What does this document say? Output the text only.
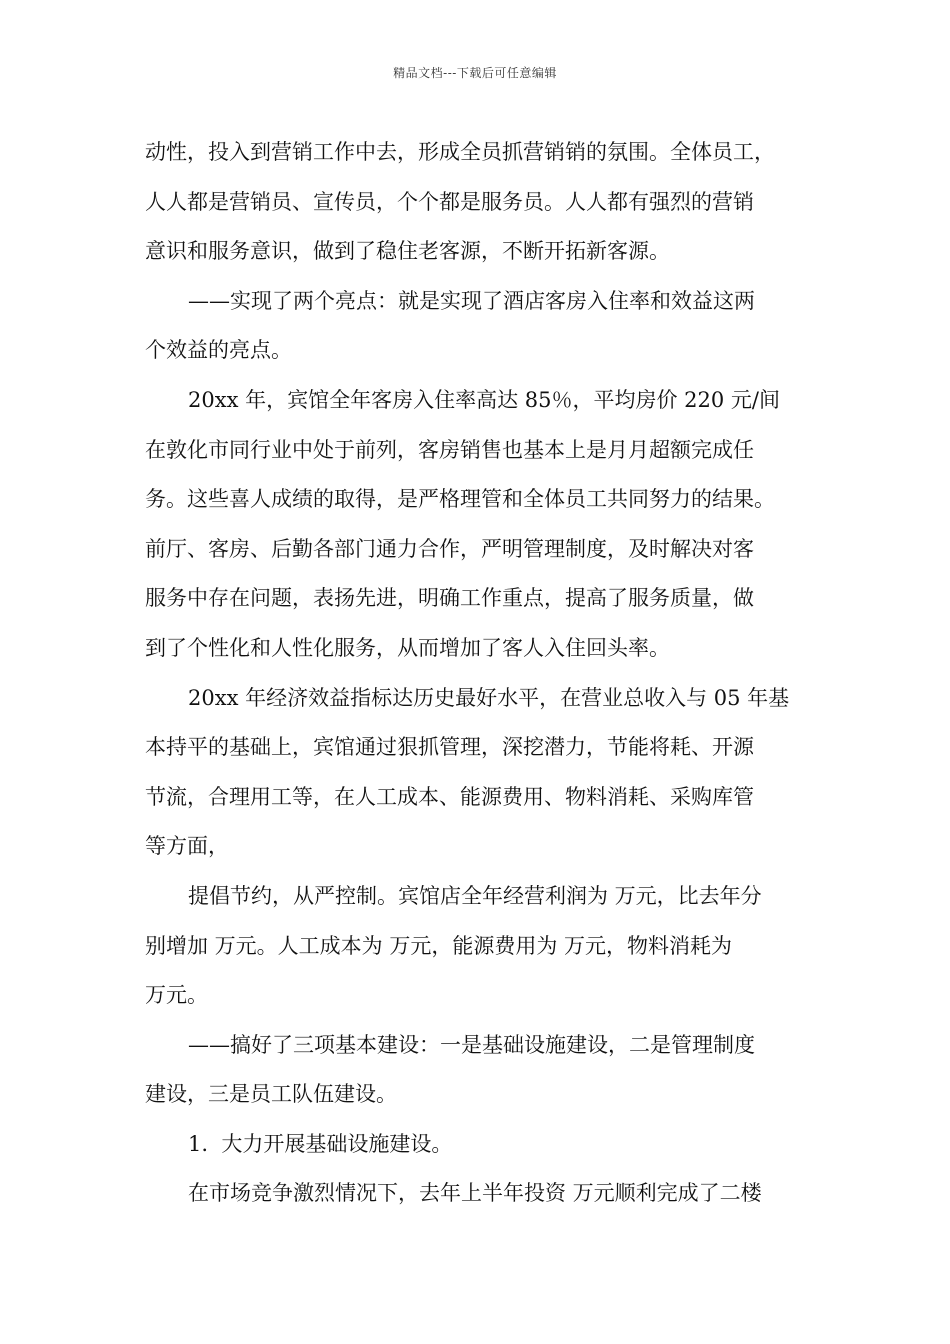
精品文档---下载后可任意编辑
动性，投入到营销工作中去，形成全员抓营销销的氛围。全体员工，
人人都是营销员、宣传员，个个都是服务员。人人都有强烈的营销
意识和服务意识，做到了稳住老客源，不断开拓新客源。
——实现了两个亮点：就是实现了酒店客房入住率和效益这两
个效益的亮点。
20xx 年，宾馆全年客房入住率高达 85％，平均房价 220 元/间
在敦化市同行业中处于前列，客房销售也基本上是月月超额完成任
务。这些喜人成绩的取得，是严格理管和全体员工共同努力的结果。
前厅、客房、后勤各部门通力合作，严明管理制度，及时解决对客
服务中存在问题，表扬先进，明确工作重点，提高了服务质量，做
到了个性化和人性化服务，从而增加了客人入住回头率。
20xx 年经济效益指标达历史最好水平，在营业总收入与 05 年基
本持平的基础上，宾馆通过狠抓管理，深挖潜力，节能将耗、开源
节流，合理用工等，在人工成本、能源费用、物料消耗、采购库管
等方面，
提倡节约，从严控制。宾馆店全年经营利润为 万元，比去年分
别增加 万元。人工成本为 万元，能源费用为 万元，物料消耗为
万元。
——搞好了三项基本建设：一是基础设施建设，二是管理制度
建设，三是员工队伍建设。
1.  大力开展基础设施建设。
在市场竞争激烈情况下，去年上半年投资 万元顺利完成了二楼
